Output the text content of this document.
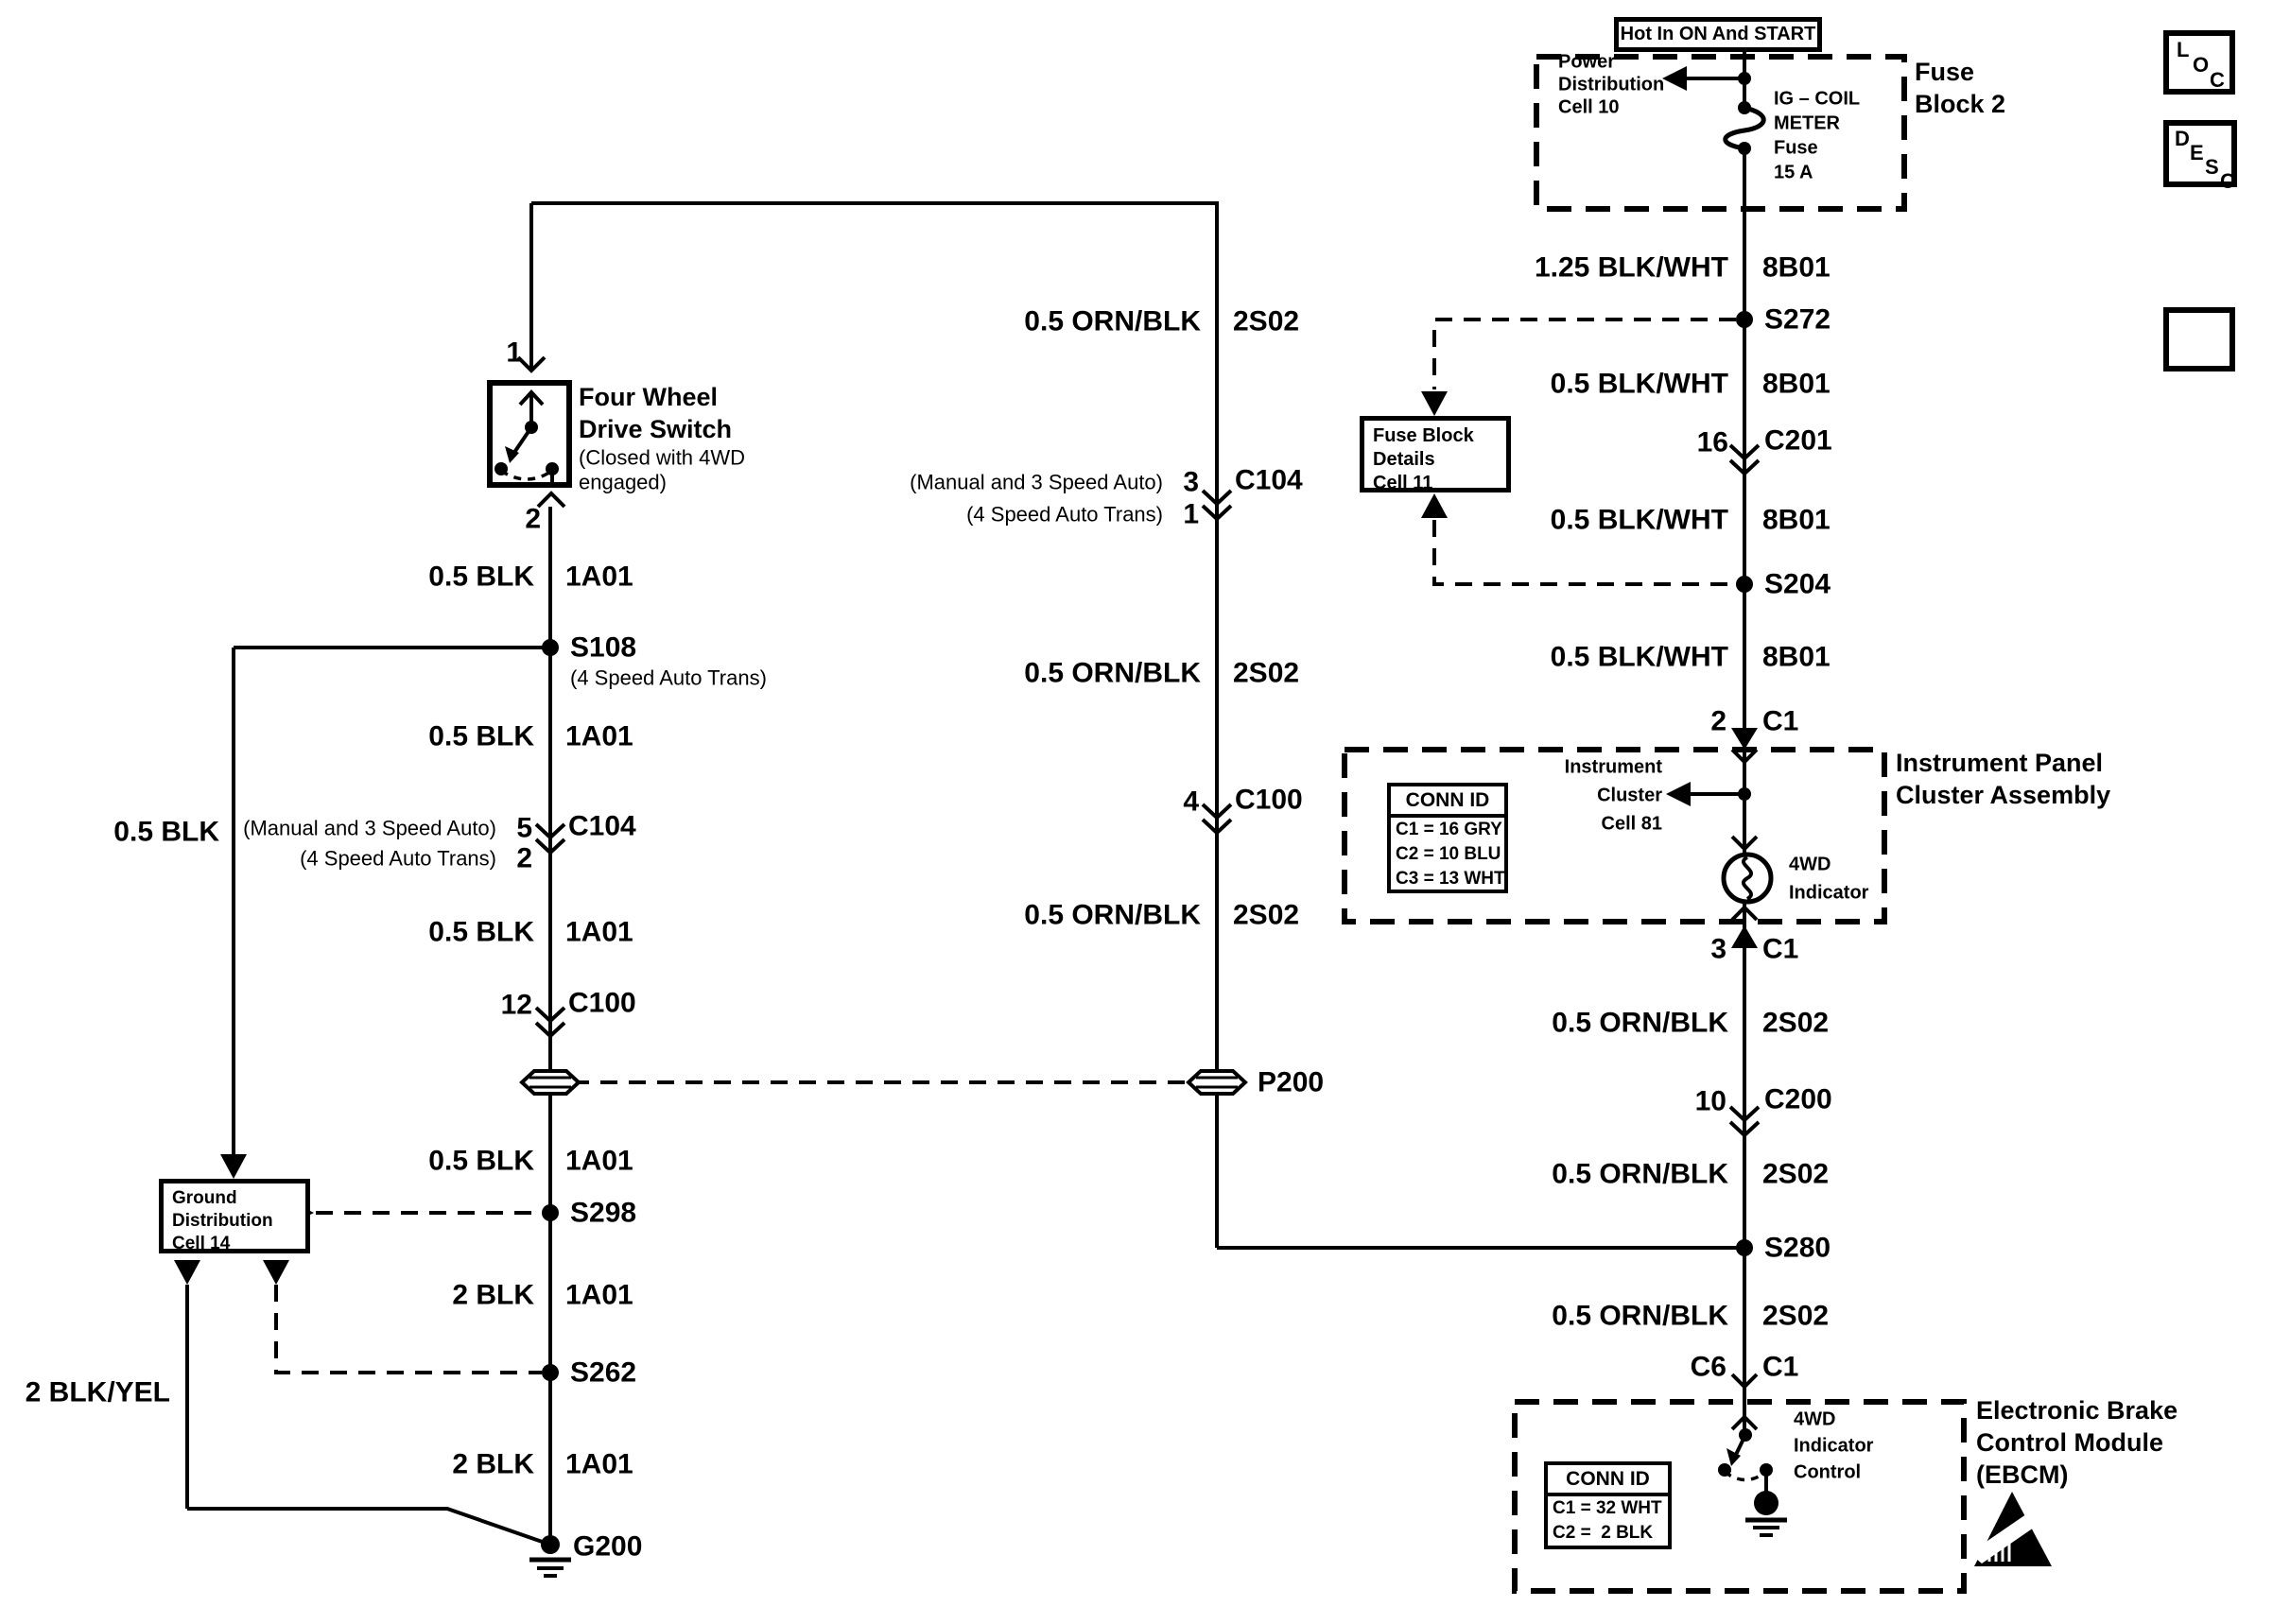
L
O
C
D
E
S
C
Hot In ON And START
Fuse
Block 2
Power
Distribution
Cell 10	IG – COIL
METER
Fuse
15 A
Fuse Block
Details
Cell 11
1.25 BLK/WHT 8B01
S272
0.5 BLK/WHT 8B01
16 C201
0.5 BLK/WHT 8B01
S204
0.5 BLK/WHT 8B01
2 C1
3 C1
0.5 ORN/BLK 2S02
10 C200
0.5 ORN/BLK 2S02
S280
0.5 ORN/BLK 2S02
C6 C1
Instrument Panel
Cluster Assembly
CONN ID
C1 = 16 GRY
C2 = 10 BLU
C3 = 13 WHT
Instrument
Cluster
Cell 81
4WD
Indicator
Electronic Brake
Control Module
(EBCM)
CONN ID
C1 = 32 WHT
C2 =  2 BLK
4WD
Indicator
Control
1
2
Four Wheel
Drive Switch
(Closed with 4WD
engaged)
0.5 BLK 1A01
S108
(4 Speed Auto Trans)
0.5 BLK 1A01
(Manual and 3 Speed Auto) 5 C104
(4 Speed Auto Trans) 2
0.5 BLK 1A01
12 C100
0.5 BLK 1A01
S298
2 BLK 1A01
S262
2 BLK 1A01
G200
0.5 BLK
2 BLK/YEL
0.5 ORN/BLK 2S02
(Manual and 3 Speed Auto) 3 C104
(4 Speed Auto Trans) 1
0.5 ORN/BLK 2S02
4 C100
0.5 ORN/BLK 2S02
P200
Ground
Distribution
Cell 14
